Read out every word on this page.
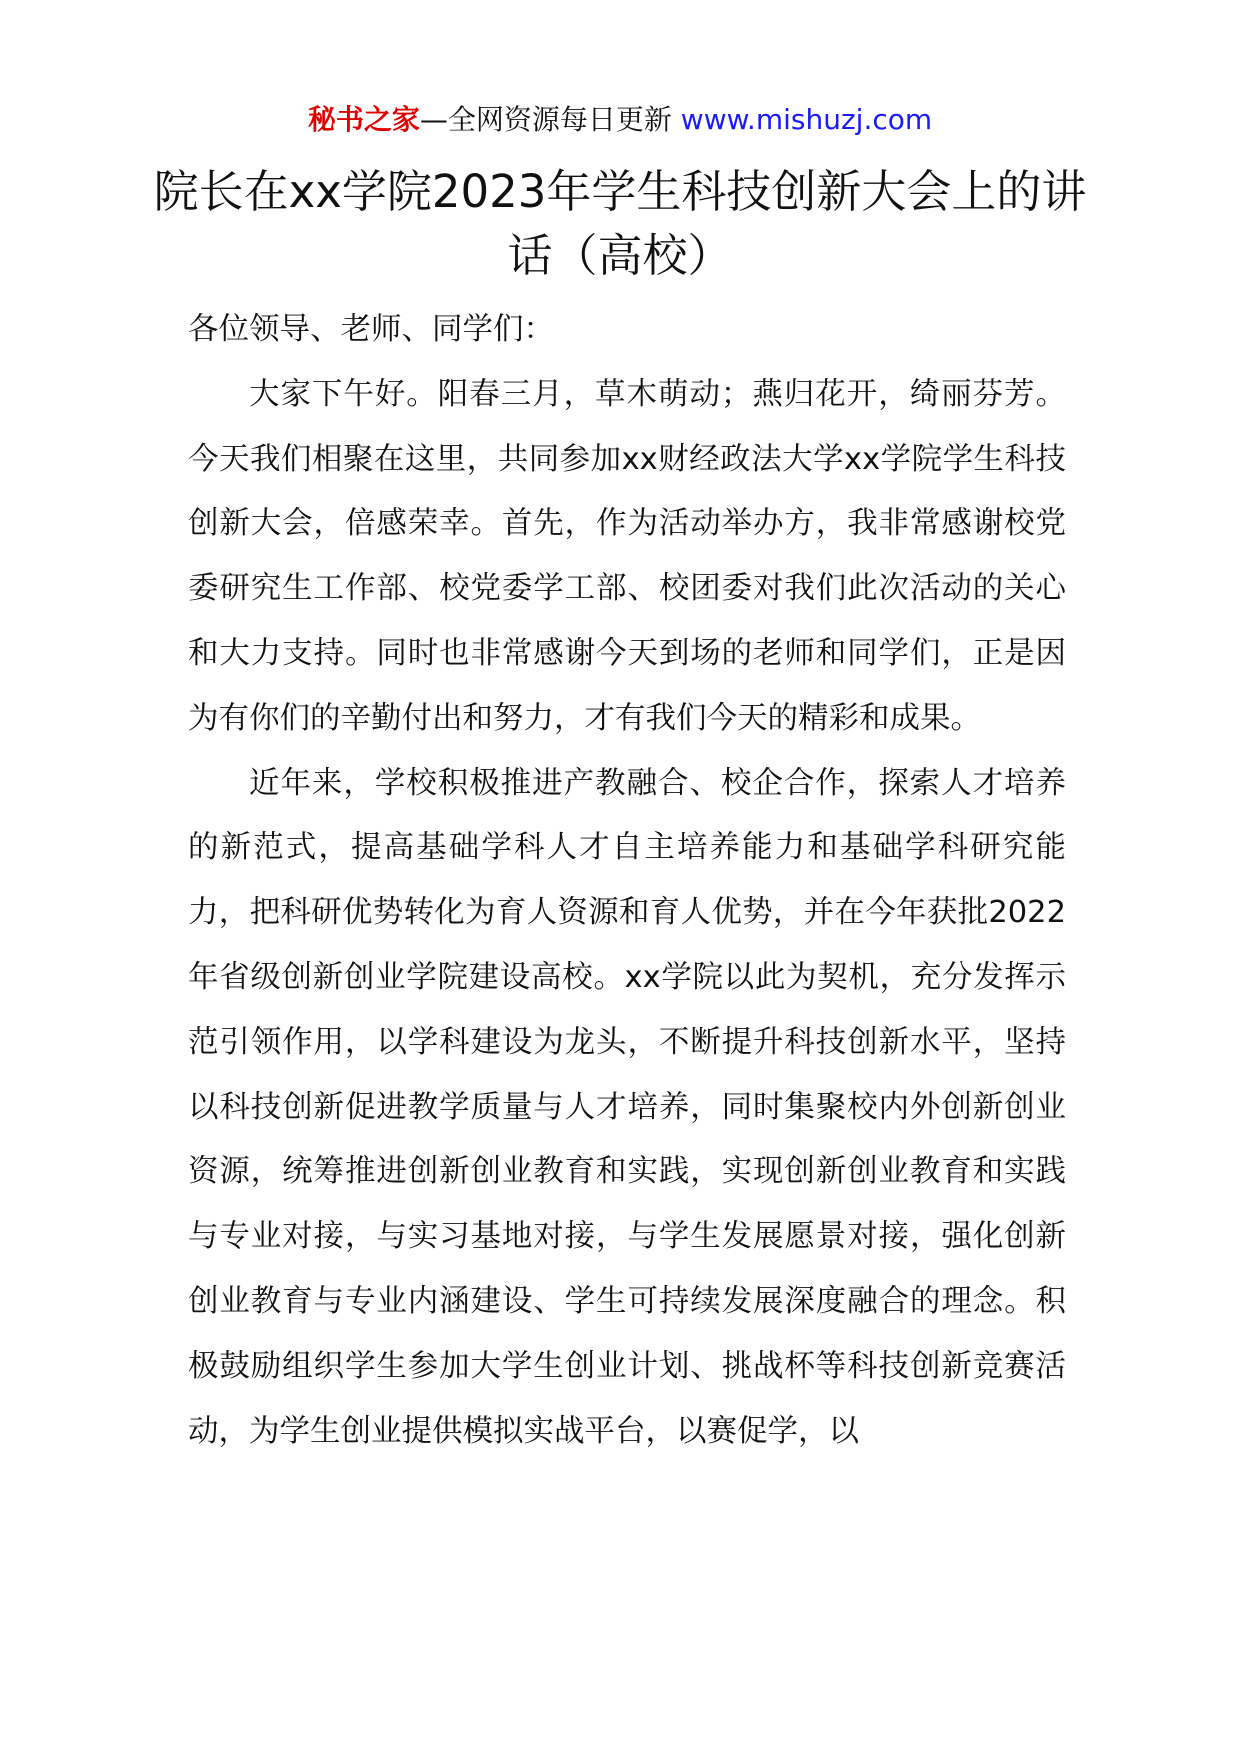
秘书之家—全网资源每日更新 www.mishuzj.com
院长在xx学院2023年学生科技创新大会上的讲话（高校）

各位领导、老师、同学们：

大家下午好。阳春三月，草木萌动；燕归花开，绮丽芬芳。今天我们相聚在这里，共同参加xx财经政法大学xx学院学生科技创新大会，倍感荣幸。首先，作为活动举办方，我非常感谢校党委研究生工作部、校党委学工部、校团委对我们此次活动的关心和大力支持。同时也非常感谢今天到场的老师和同学们，正是因为有你们的辛勤付出和努力，才有我们今天的精彩和成果。

近年来，学校积极推进产教融合、校企合作，探索人才培养的新范式，提高基础学科人才自主培养能力和基础学科研究能力，把科研优势转化为育人资源和育人优势，并在今年获批2022年省级创新创业学院建设高校。xx学院以此为契机，充分发挥示范引领作用，以学科建设为龙头，不断提升科技创新水平，坚持以科技创新促进教学质量与人才培养，同时集聚校内外创新创业资源，统筹推进创新创业教育和实践，实现创新创业教育和实践与专业对接，与实习基地对接，与学生发展愿景对接，强化创新创业教育与专业内涵建设、学生可持续发展深度融合的理念。积极鼓励组织学生参加大学生创业计划、挑战杯等科技创新竞赛活动，为学生创业提供模拟实战平台，以赛促学，以
